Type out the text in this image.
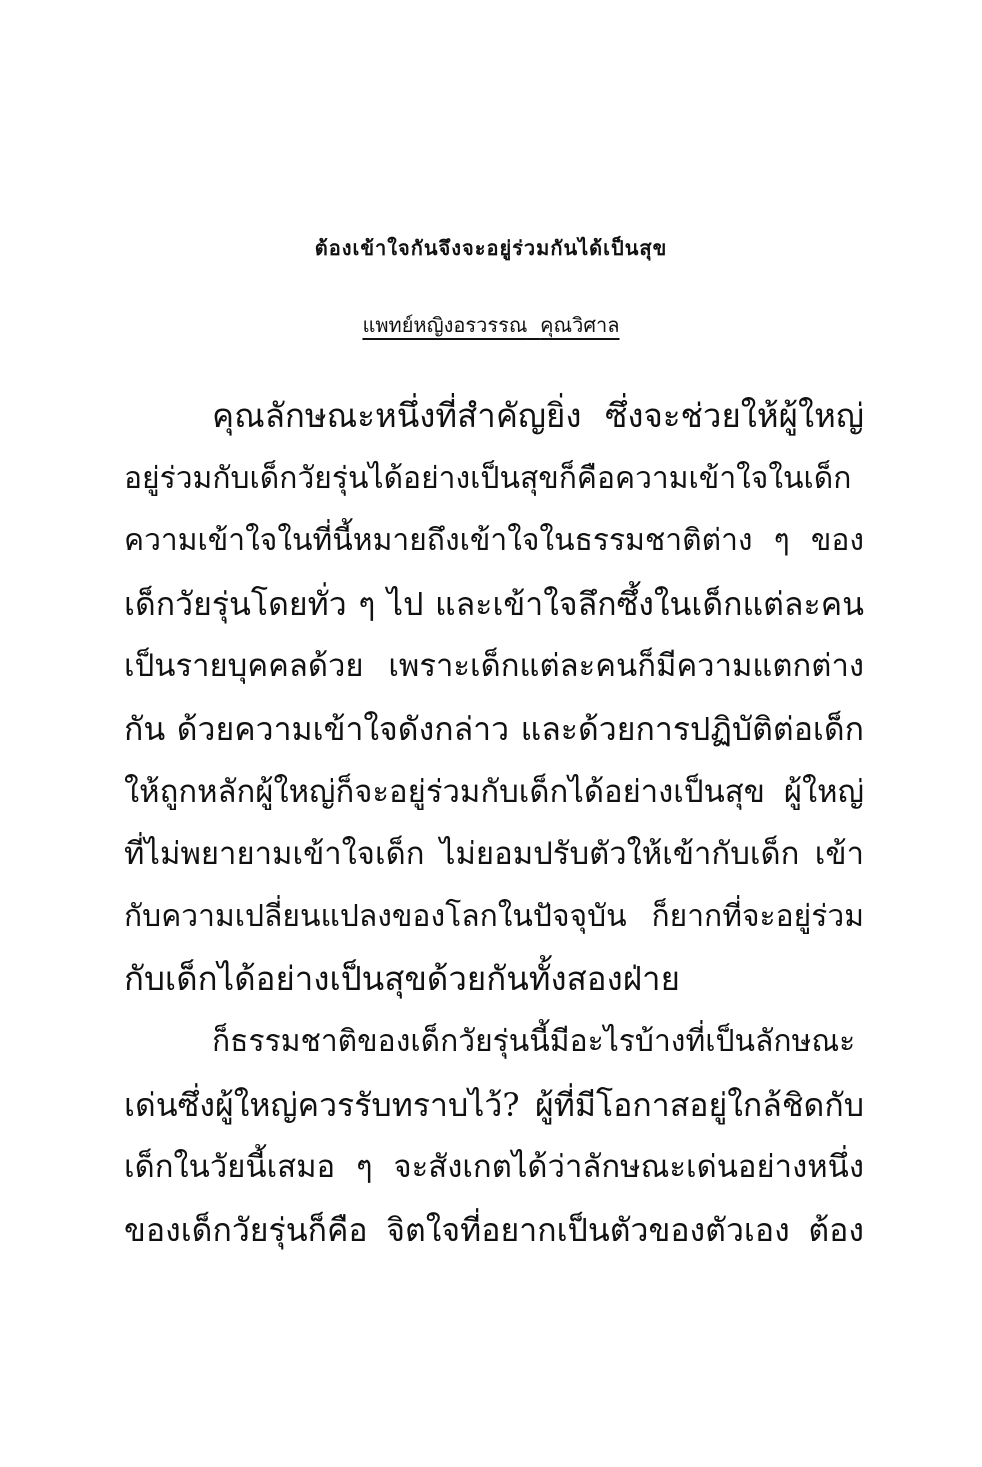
ต้องเข้าใจกันจึงจะอยู่ร่วมกันได้เป็นสุข
แพทย์หญิงอรวรรณ คุณวิศาล
คุณลักษณะหนึ่งที่สำคัญยิ่ง ซึ่งจะช่วยให้ผู้ใหญ่
อยู่ร่วมกับเด็กวัยรุ่นได้อย่างเป็นสุขก็คือความเข้าใจในเด็ก
ความเข้าใจในที่นี้หมายถึงเข้าใจในธรรมชาติต่าง ๆ ของ
เด็กวัยรุ่นโดยทั่ว ๆ ไป และเข้าใจลึกซึ้งในเด็กแต่ละคน
เป็นรายบุคคลด้วย เพราะเด็กแต่ละคนก็มีความแตกต่าง
กัน ด้วยความเข้าใจดังกล่าว และด้วยการปฏิบัติต่อเด็ก
ให้ถูกหลักผู้ใหญ่ก็จะอยู่ร่วมกับเด็กได้อย่างเป็นสุข ผู้ใหญ่
ที่ไม่พยายามเข้าใจเด็ก ไม่ยอมปรับตัวให้เข้ากับเด็ก เข้า
กับความเปลี่ยนแปลงของโลกในปัจจุบัน ก็ยากที่จะอยู่ร่วม
กับเด็กได้อย่างเป็นสุขด้วยกันทั้งสองฝ่าย
ก็ธรรมชาติของเด็กวัยรุ่นนี้มีอะไรบ้างที่เป็นลักษณะ
เด่นซึ่งผู้ใหญ่ควรรับทราบไว้? ผู้ที่มีโอกาสอยู่ใกล้ชิดกับ
เด็กในวัยนี้เสมอ ๆ จะสังเกตได้ว่าลักษณะเด่นอย่างหนึ่ง
ของเด็กวัยรุ่นก็คือ จิตใจที่อยากเป็นตัวของตัวเอง ต้อง
